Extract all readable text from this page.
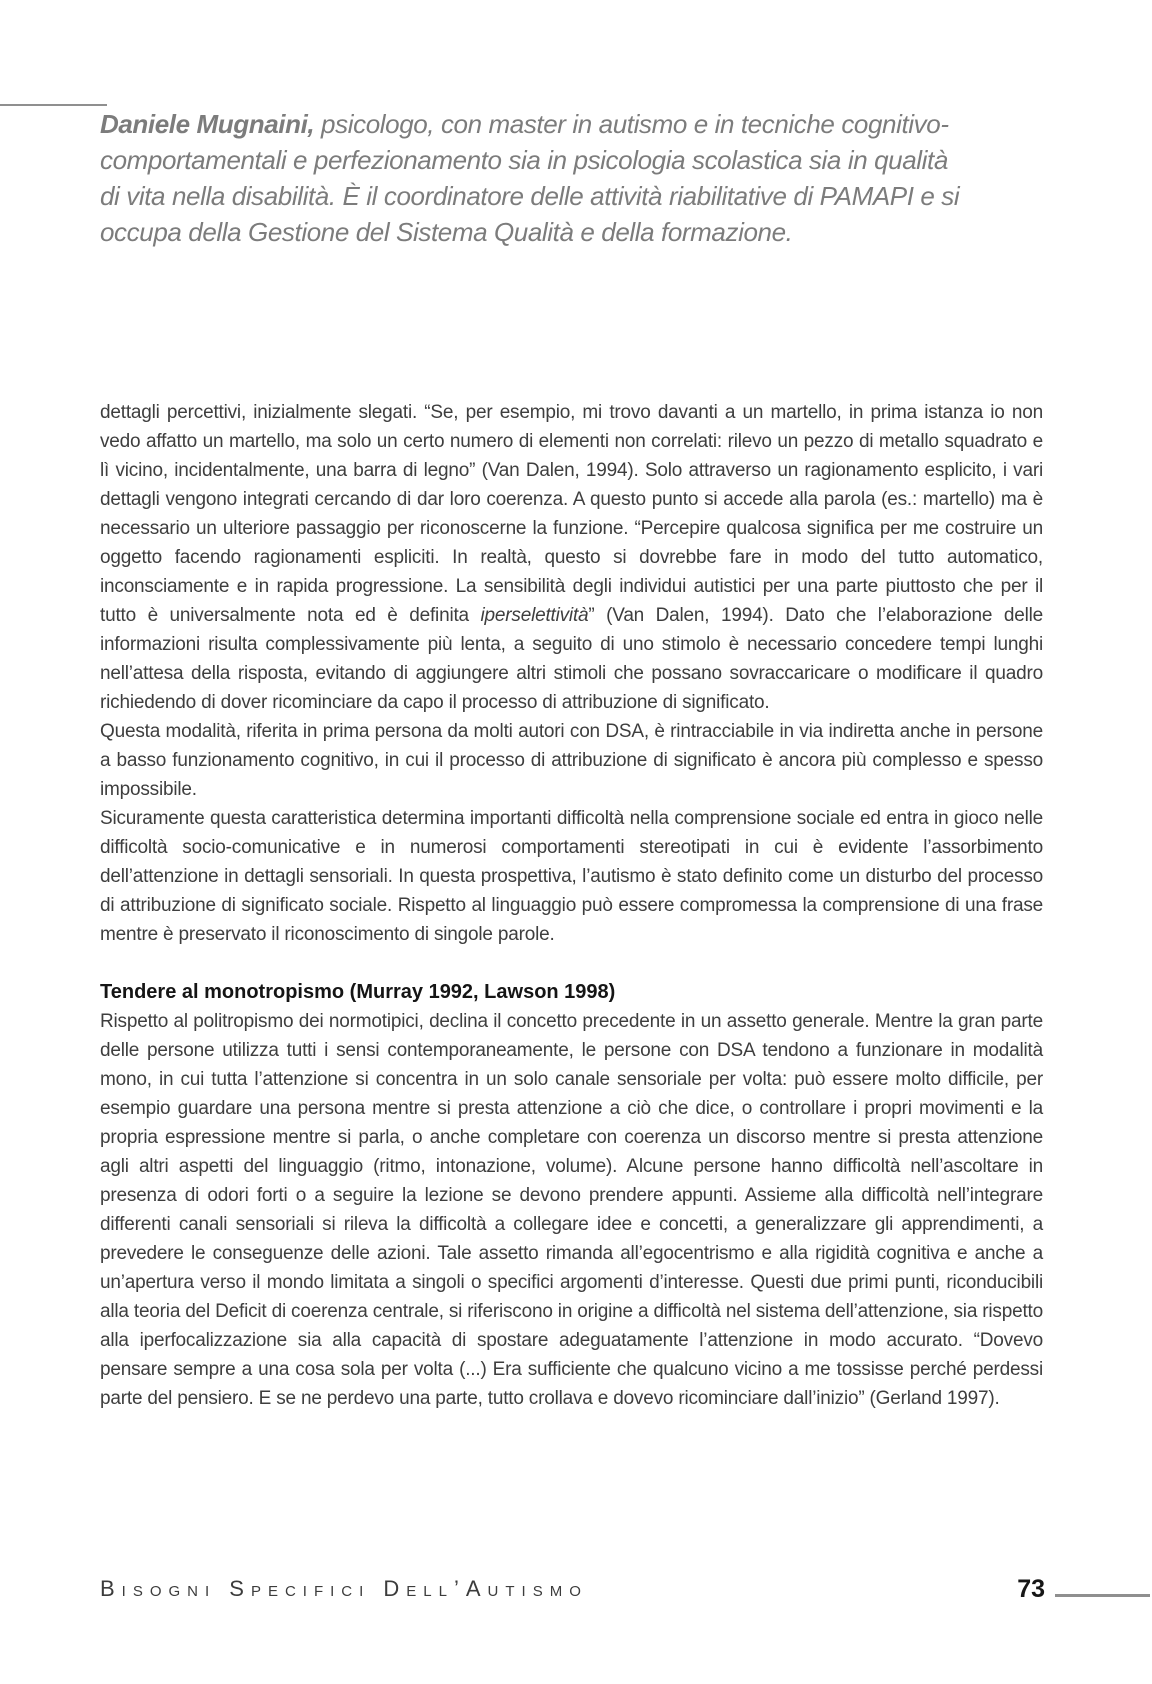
Daniele Mugnaini, psicologo, con master in autismo e in tecniche cognitivo-comportamentali e perfezionamento sia in psicologia scolastica sia in qualità di vita nella disabilità. È il coordinatore delle attività riabilitative di PAMAPI e si occupa della Gestione del Sistema Qualità e della formazione.

dettagli percettivi, inizialmente slegati. “Se, per esempio, mi trovo davanti a un martello, in prima istanza io non vedo affatto un martello, ma solo un certo numero di elementi non correlati: rilevo un pezzo di metallo squadrato e lì vicino, incidentalmente, una barra di legno” (Van Dalen, 1994). Solo attraverso un ragionamento esplicito, i vari dettagli vengono integrati cercando di dar loro coerenza. A questo punto si accede alla parola (es.: martello) ma è necessario un ulteriore passaggio per riconoscerne la funzione. “Percepire qualcosa significa per me costruire un oggetto facendo ragionamenti espliciti. In realtà, questo si dovrebbe fare in modo del tutto automatico, inconsciamente e in rapida progressione. La sensibilità degli individui autistici per una parte piuttosto che per il tutto è universalmente nota ed è definita iperselettività” (Van Dalen, 1994). Dato che l’elaborazione delle informazioni risulta complessivamente più lenta, a seguito di uno stimolo è necessario concedere tempi lunghi nell’attesa della risposta, evitando di aggiungere altri stimoli che possano sovraccaricare o modificare il quadro richiedendo di dover ricominciare da capo il processo di attribuzione di significato.

Questa modalità, riferita in prima persona da molti autori con DSA, è rintracciabile in via indiretta anche in persone a basso funzionamento cognitivo, in cui il processo di attribuzione di significato è ancora più complesso e spesso impossibile.

Sicuramente questa caratteristica determina importanti difficoltà nella comprensione sociale ed entra in gioco nelle difficoltà socio-comunicative e in numerosi comportamenti stereotipati in cui è evidente l’assorbimento dell’attenzione in dettagli sensoriali. In questa prospettiva, l’autismo è stato definito come un disturbo del processo di attribuzione di significato sociale. Rispetto al linguaggio può essere compromessa la comprensione di una frase mentre è preservato il riconoscimento di singole parole.

Tendere al monotropismo (Murray 1992, Lawson 1998)

Rispetto al politropismo dei normotipici, declina il concetto precedente in un assetto generale. Mentre la gran parte delle persone utilizza tutti i sensi contemporaneamente, le persone con DSA tendono a funzionare in modalità mono, in cui tutta l’attenzione si concentra in un solo canale sensoriale per volta: può essere molto difficile, per esempio guardare una persona mentre si presta attenzione a ciò che dice, o controllare i propri movimenti e la propria espressione mentre si parla, o anche completare con coerenza un discorso mentre si presta attenzione agli altri aspetti del linguaggio (ritmo, intonazione, volume). Alcune persone hanno difficoltà nell’ascoltare in presenza di odori forti o a seguire la lezione se devono prendere appunti. Assieme alla difficoltà nell’integrare differenti canali sensoriali si rileva la difficoltà a collegare idee e concetti, a generalizzare gli apprendimenti, a prevedere le conseguenze delle azioni. Tale assetto rimanda all’egocentrismo e alla rigidità cognitiva e anche a un’apertura verso il mondo limitata a singoli o specifici argomenti d’interesse. Questi due primi punti, riconducibili alla teoria del Deficit di coerenza centrale, si riferiscono in origine a difficoltà nel sistema dell’attenzione, sia rispetto alla iperfocalizzazione sia alla capacità di spostare adeguatamente l’attenzione in modo accurato. “Dovevo pensare sempre a una cosa sola per volta (...) Era sufficiente che qualcuno vicino a me tossisse perché perdessi parte del pensiero. E se ne perdevo una parte, tutto crollava e dovevo ricominciare dall’inizio” (Gerland 1997).

Bisogni Specifici Dell’Autismo	73
